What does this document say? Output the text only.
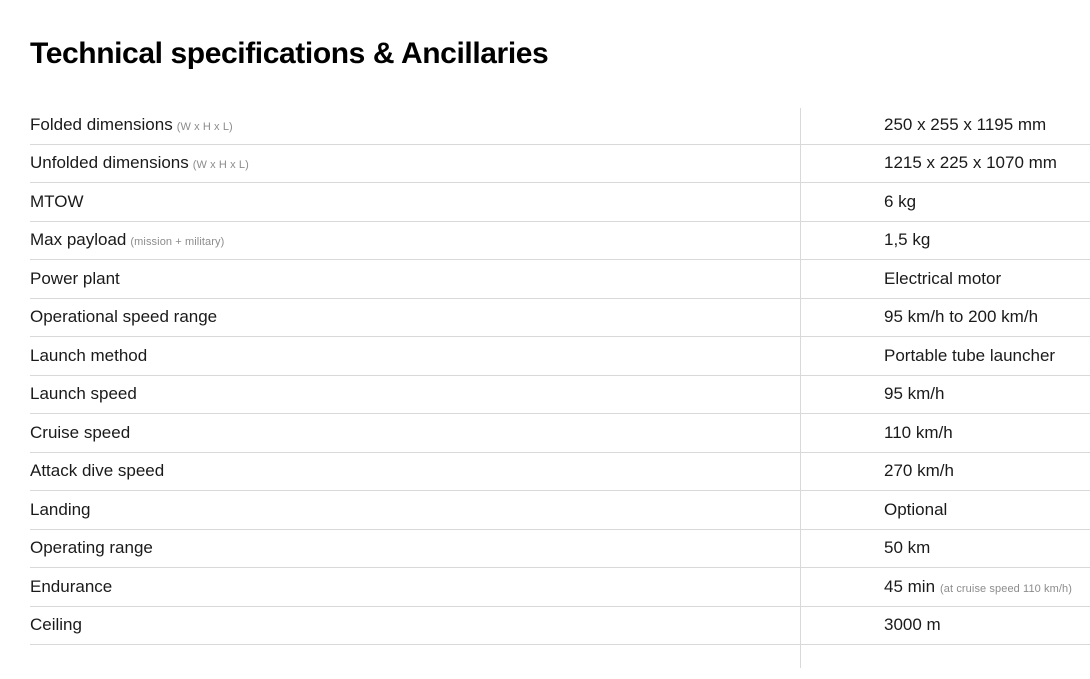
Technical specifications & Ancillaries
Folded dimensions (W x H x L)	250 x 255 x 1195 mm
Unfolded dimensions (W x H x L)	1215 x 225 x 1070 mm
MTOW	6 kg
Max payload (mission + military)	1,5 kg
Power plant	Electrical motor
Operational speed range	95 km/h to 200 km/h
Launch method	Portable tube launcher
Launch speed	95 km/h
Cruise speed	110 km/h
Attack dive speed	270 km/h
Landing	Optional
Operating range	50 km
Endurance	45 min (at cruise speed 110 km/h)
Ceiling	3000 m
